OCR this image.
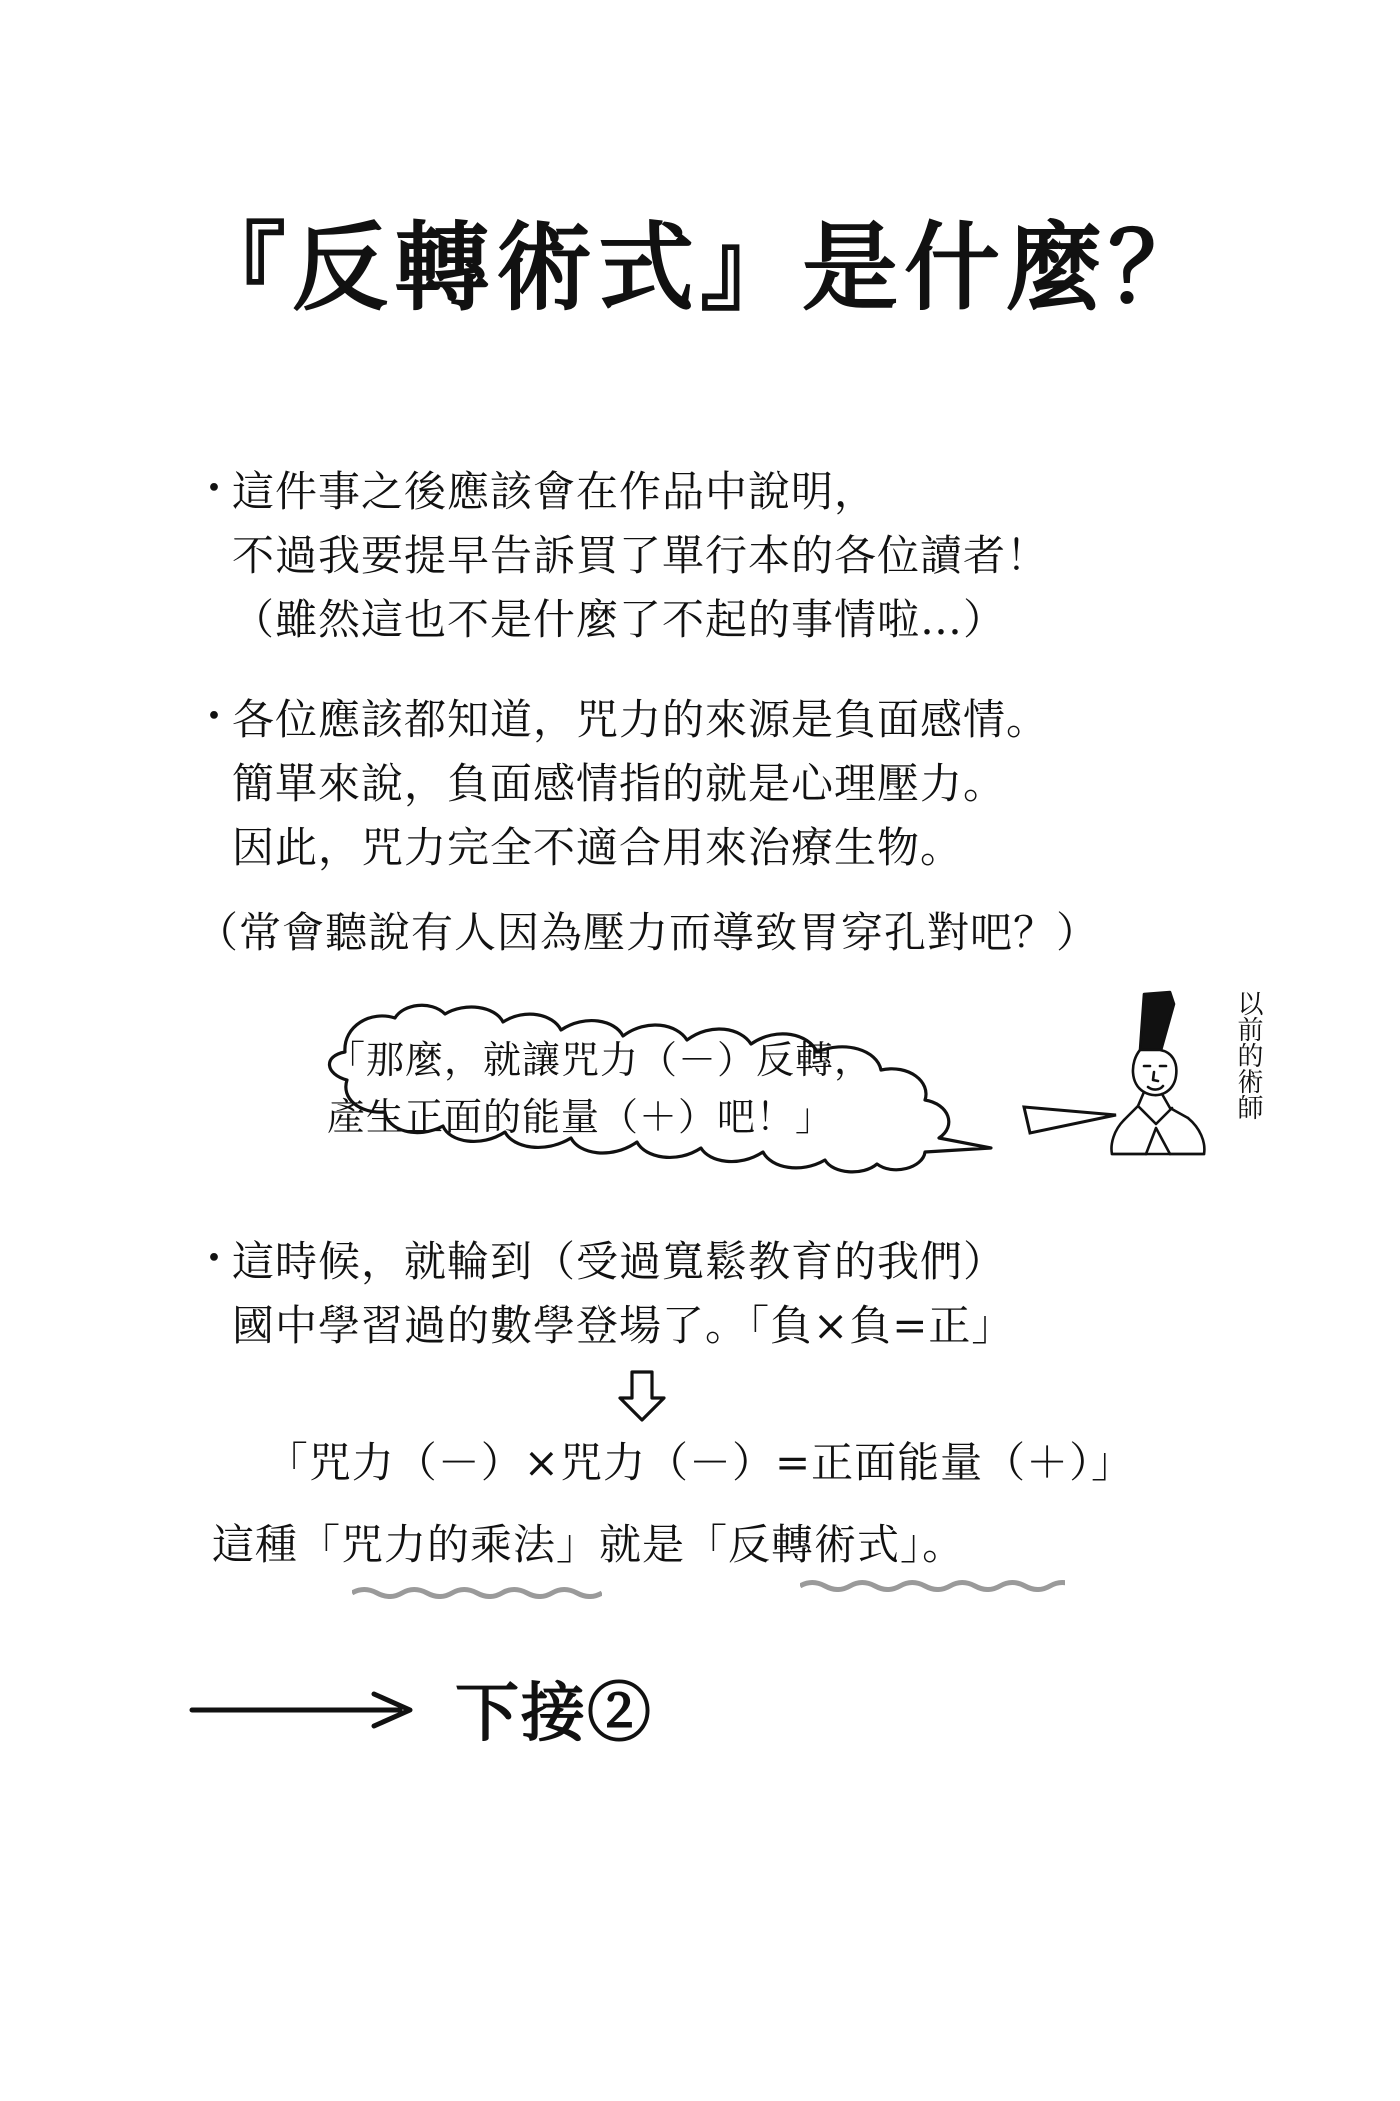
『反轉術式』是什麼？
・
這件事之後應該會在作品中說明，
不過我要提早告訴買了單行本的各位讀者！
（雖然這也不是什麼了不起的事情啦…）
・
各位應該都知道，咒力的來源是負面感情。
簡單來說，負面感情指的就是心理壓力。
因此，咒力完全不適合用來治療生物。
（常會聽說有人因為壓力而導致胃穿孔對吧？）
「那麼，就讓咒力（－）反轉，
產生正面的能量（＋）吧！」	以前的術師
・
這時候，就輪到（受過寬鬆教育的我們）
國中學習過的數學登場了。「負×負=正」
「咒力（－）×咒力（－）=正面能量（＋）」
這種「咒力的乘法」就是「反轉術式」。
下接②
